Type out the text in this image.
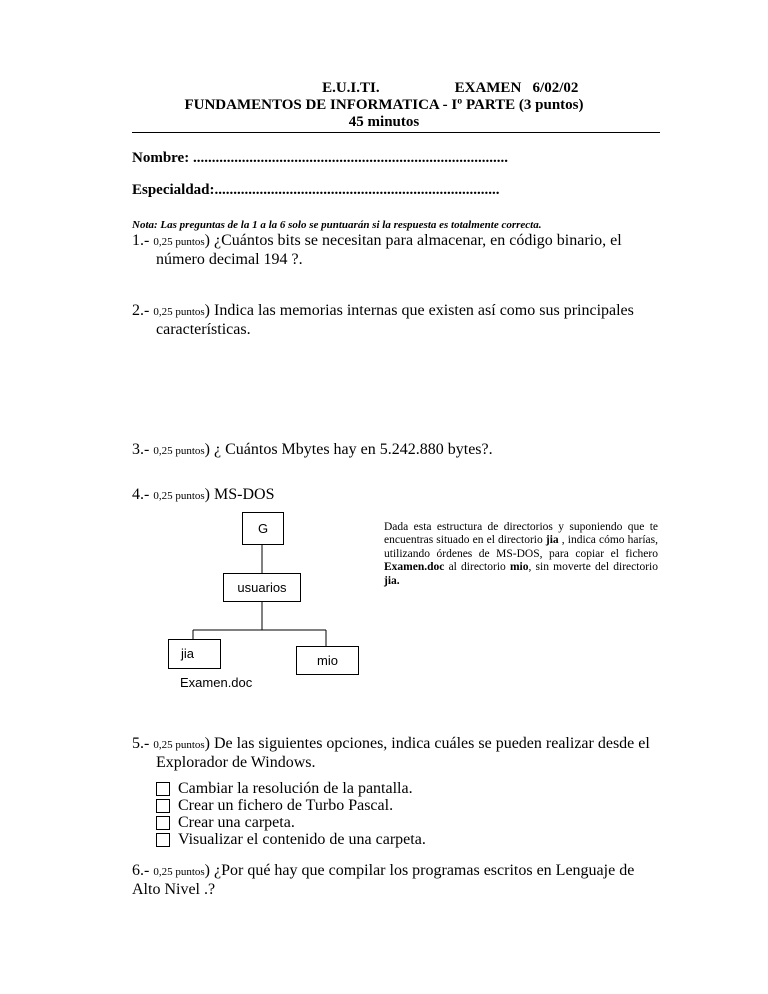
E.U.I.TI.	EXAMEN 6/02/02
FUNDAMENTOS DE INFORMATICA - Iº PARTE (3 puntos)
45 minutos
Nombre: ....................................................................................
Especialdad:............................................................................
Nota: Las preguntas de la 1 a la 6 solo se puntuarán si la respuesta es totalmente correcta.
1.- 0,25 puntos) ¿Cuántos bits se necesitan para almacenar, en código binario, el
número decimal 194 ?.
2.- 0,25 puntos) Indica las memorias internas que existen así como sus principales
características.
3.- 0,25 puntos) ¿ Cuántos Mbytes hay en 5.242.880 bytes?.
4.- 0,25 puntos) MS-DOS
G
usuarios
jia	mio
Examen.doc
Dada esta estructura de directorios y suponiendo que te encuentras situado en el directorio jia , indica cómo harías, utilizando órdenes de MS-DOS, para copiar el fichero Examen.doc al directorio mio, sin moverte del directorio jia.
5.- 0,25 puntos) De las siguientes opciones, indica cuáles se pueden realizar desde el
Explorador de Windows.
Cambiar la resolución de la pantalla.
Crear un fichero de Turbo Pascal.
Crear una carpeta.
Visualizar el contenido de una carpeta.
6.- 0,25 puntos) ¿Por qué hay que compilar los programas escritos en Lenguaje de
Alto Nivel .?
